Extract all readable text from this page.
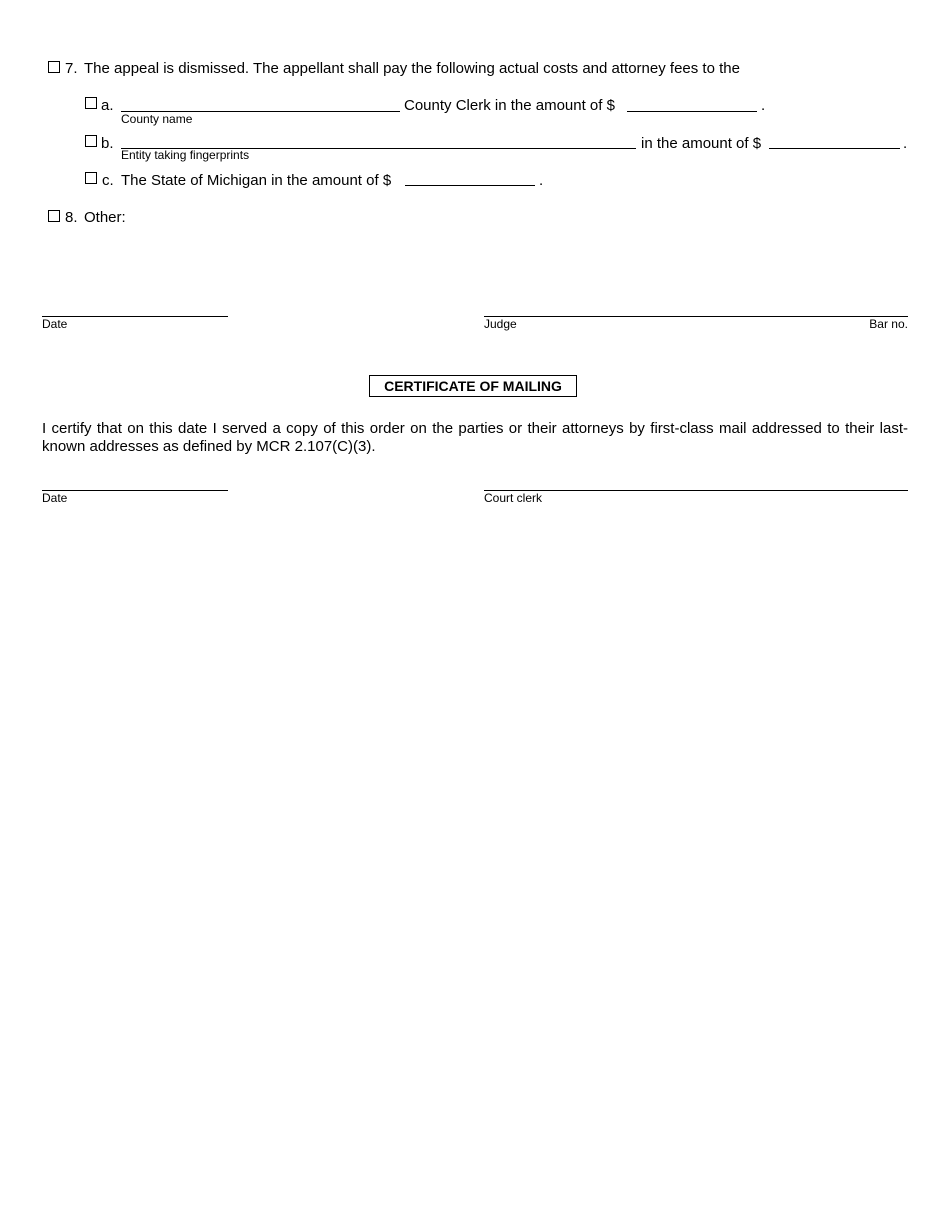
7. The appeal is dismissed. The appellant shall pay the following actual costs and attorney fees to the
a.
County name
County Clerk in the amount of $	.
b.
Entity taking fingerprints
in the amount of $	.
c. The State of Michigan in the amount of $	.
8. Other:
Date	Judge	Bar no.
CERTIFICATE OF MAILING
I certify that on this date I served a copy of this order on the parties or their attorneys by first-class mail addressed to their last-known addresses as defined by MCR 2.107(C)(3).
Date	Court clerk
